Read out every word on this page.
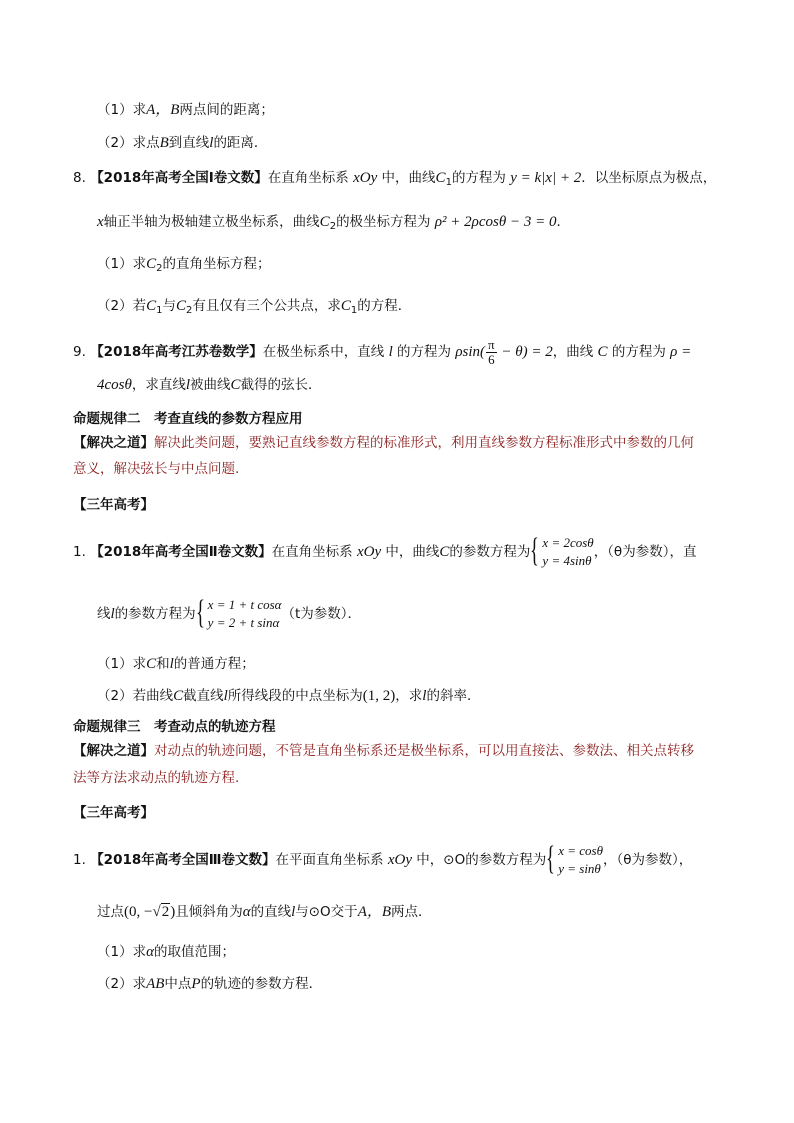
（1）求A，B两点间的距离；
（2）求点B到直线l的距离．
8. 【2018年高考全国Ⅰ卷文数】在直角坐标系 xOy 中，曲线$C_1$的方程为 y = k|x| + 2．以坐标原点为极点，
x轴正半轴为极轴建立极坐标系，曲线$C_2$的极坐标方程为 ρ² + 2ρcosθ − 3 = 0．
（1）求$C_2$的直角坐标方程；
（2）若$C_1$与$C_2$有且仅有三个公共点，求$C_1$的方程．
9. 【2018年高考江苏卷数学】在极坐标系中，直线 l 的方程为 $\rho\sin( \frac{\pi}{6} - \theta) = 2$，曲线 C 的方程为 ρ =
4cosθ，求直线l被曲线C截得的弦长．
命题规律二　考查直线的参数方程应用
【解决之道】解决此类问题，要熟记直线参数方程的标准形式，利用直线参数方程标准形式中参数的几何
意义，解决弦长与中点问题.
【三年高考】
1. 【2018年高考全国Ⅱ卷文数】在直角坐标系 xOy 中，曲线C的参数方程为 { x = 2cosθ
y = 4sinθ
，（θ为参数），直
线l的参数方程为 { x = 1 + t cosα
y = 2 + t sinα
（t为参数）．
（1）求C和l的普通方程；
（2）若曲线C截直线l所得线段的中点坐标为(1, 2)，求l的斜率．
命题规律三　考查动点的轨迹方程
【解决之道】对动点的轨迹问题，不管是直角坐标系还是极坐标系，可以用直接法、参数法、相关点转移
法等方法求动点的轨迹方程.
【三年高考】
1. 【2018年高考全国Ⅲ卷文数】在平面直角坐标系 xOy 中，⊙O的参数方程为 { x = cosθ
y = sinθ
，（θ为参数），
过点(0, −√2)且倾斜角为α的直线l与⊙O交于A，B两点．
（1）求α的取值范围；
（2）求AB中点P的轨迹的参数方程．
